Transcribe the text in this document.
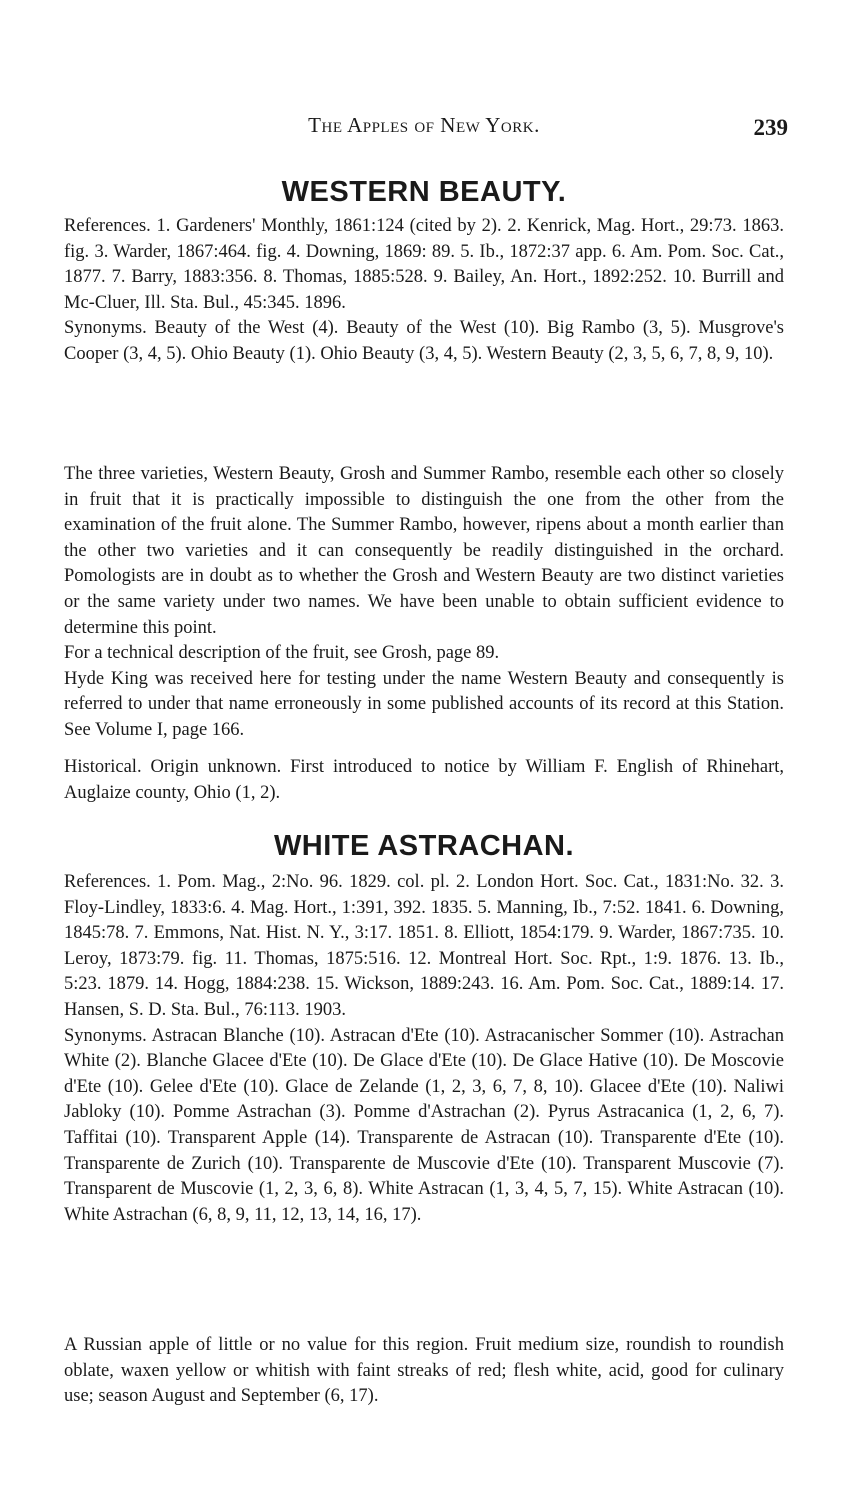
The Apples of New York.	239
WESTERN BEAUTY.

References. 1. Gardeners' Monthly, 1861:124 (cited by 2). 2. Kenrick, Mag. Hort., 29:73. 1863. fig. 3. Warder, 1867:464. fig. 4. Downing, 1869: 89. 5. Ib., 1872:37 app. 6. Am. Pom. Soc. Cat., 1877. 7. Barry, 1883:356. 8. Thomas, 1885:528. 9. Bailey, An. Hort., 1892:252. 10. Burrill and Mc-Cluer, Ill. Sta. Bul., 45:345. 1896.

Synonyms. Beauty of the West (4). Beauty of the West (10). Big Rambo (3, 5). Musgrove's Cooper (3, 4, 5). Ohio Beauty (1). Ohio Beauty (3, 4, 5). Western Beauty (2, 3, 5, 6, 7, 8, 9, 10).

The three varieties, Western Beauty, Grosh and Summer Rambo, resemble each other so closely in fruit that it is practically impossible to distinguish the one from the other from the examination of the fruit alone. The Summer Rambo, however, ripens about a month earlier than the other two varieties and it can consequently be readily distinguished in the orchard. Pomologists are in doubt as to whether the Grosh and Western Beauty are two distinct varieties or the same variety under two names. We have been unable to obtain sufficient evidence to determine this point.

For a technical description of the fruit, see Grosh, page 89.

Hyde King was received here for testing under the name Western Beauty and consequently is referred to under that name erroneously in some published accounts of its record at this Station. See Volume I, page 166.

Historical. Origin unknown. First introduced to notice by William F. English of Rhinehart, Auglaize county, Ohio (1, 2).

WHITE ASTRACHAN.

References. 1. Pom. Mag., 2:No. 96. 1829. col. pl. 2. London Hort. Soc. Cat., 1831:No. 32. 3. Floy-Lindley, 1833:6. 4. Mag. Hort., 1:391, 392. 1835. 5. Manning, Ib., 7:52. 1841. 6. Downing, 1845:78. 7. Emmons, Nat. Hist. N. Y., 3:17. 1851. 8. Elliott, 1854:179. 9. Warder, 1867:735. 10. Leroy, 1873:79. fig. 11. Thomas, 1875:516. 12. Montreal Hort. Soc. Rpt., 1:9. 1876. 13. Ib., 5:23. 1879. 14. Hogg, 1884:238. 15. Wickson, 1889:243. 16. Am. Pom. Soc. Cat., 1889:14. 17. Hansen, S. D. Sta. Bul., 76:113. 1903.

Synonyms. Astracan Blanche (10). Astracan d'Ete (10). Astracanischer Sommer (10). Astrachan White (2). Blanche Glacee d'Ete (10). De Glace d'Ete (10). De Glace Hative (10). De Moscovie d'Ete (10). Gelee d'Ete (10). Glace de Zelande (1, 2, 3, 6, 7, 8, 10). Glacee d'Ete (10). Naliwi Jabloky (10). Pomme Astrachan (3). Pomme d'Astrachan (2). Pyrus Astracanica (1, 2, 6, 7). Taffitai (10). Transparent Apple (14). Transparente de Astracan (10). Transparente d'Ete (10). Transparente de Zurich (10). Transparente de Muscovie d'Ete (10). Transparent Muscovie (7). Transparent de Muscovie (1, 2, 3, 6, 8). White Astracan (1, 3, 4, 5, 7, 15). White Astracan (10). White Astrachan (6, 8, 9, 11, 12, 13, 14, 16, 17).

A Russian apple of little or no value for this region. Fruit medium size, roundish to roundish oblate, waxen yellow or whitish with faint streaks of red; flesh white, acid, good for culinary use; season August and September (6, 17).
